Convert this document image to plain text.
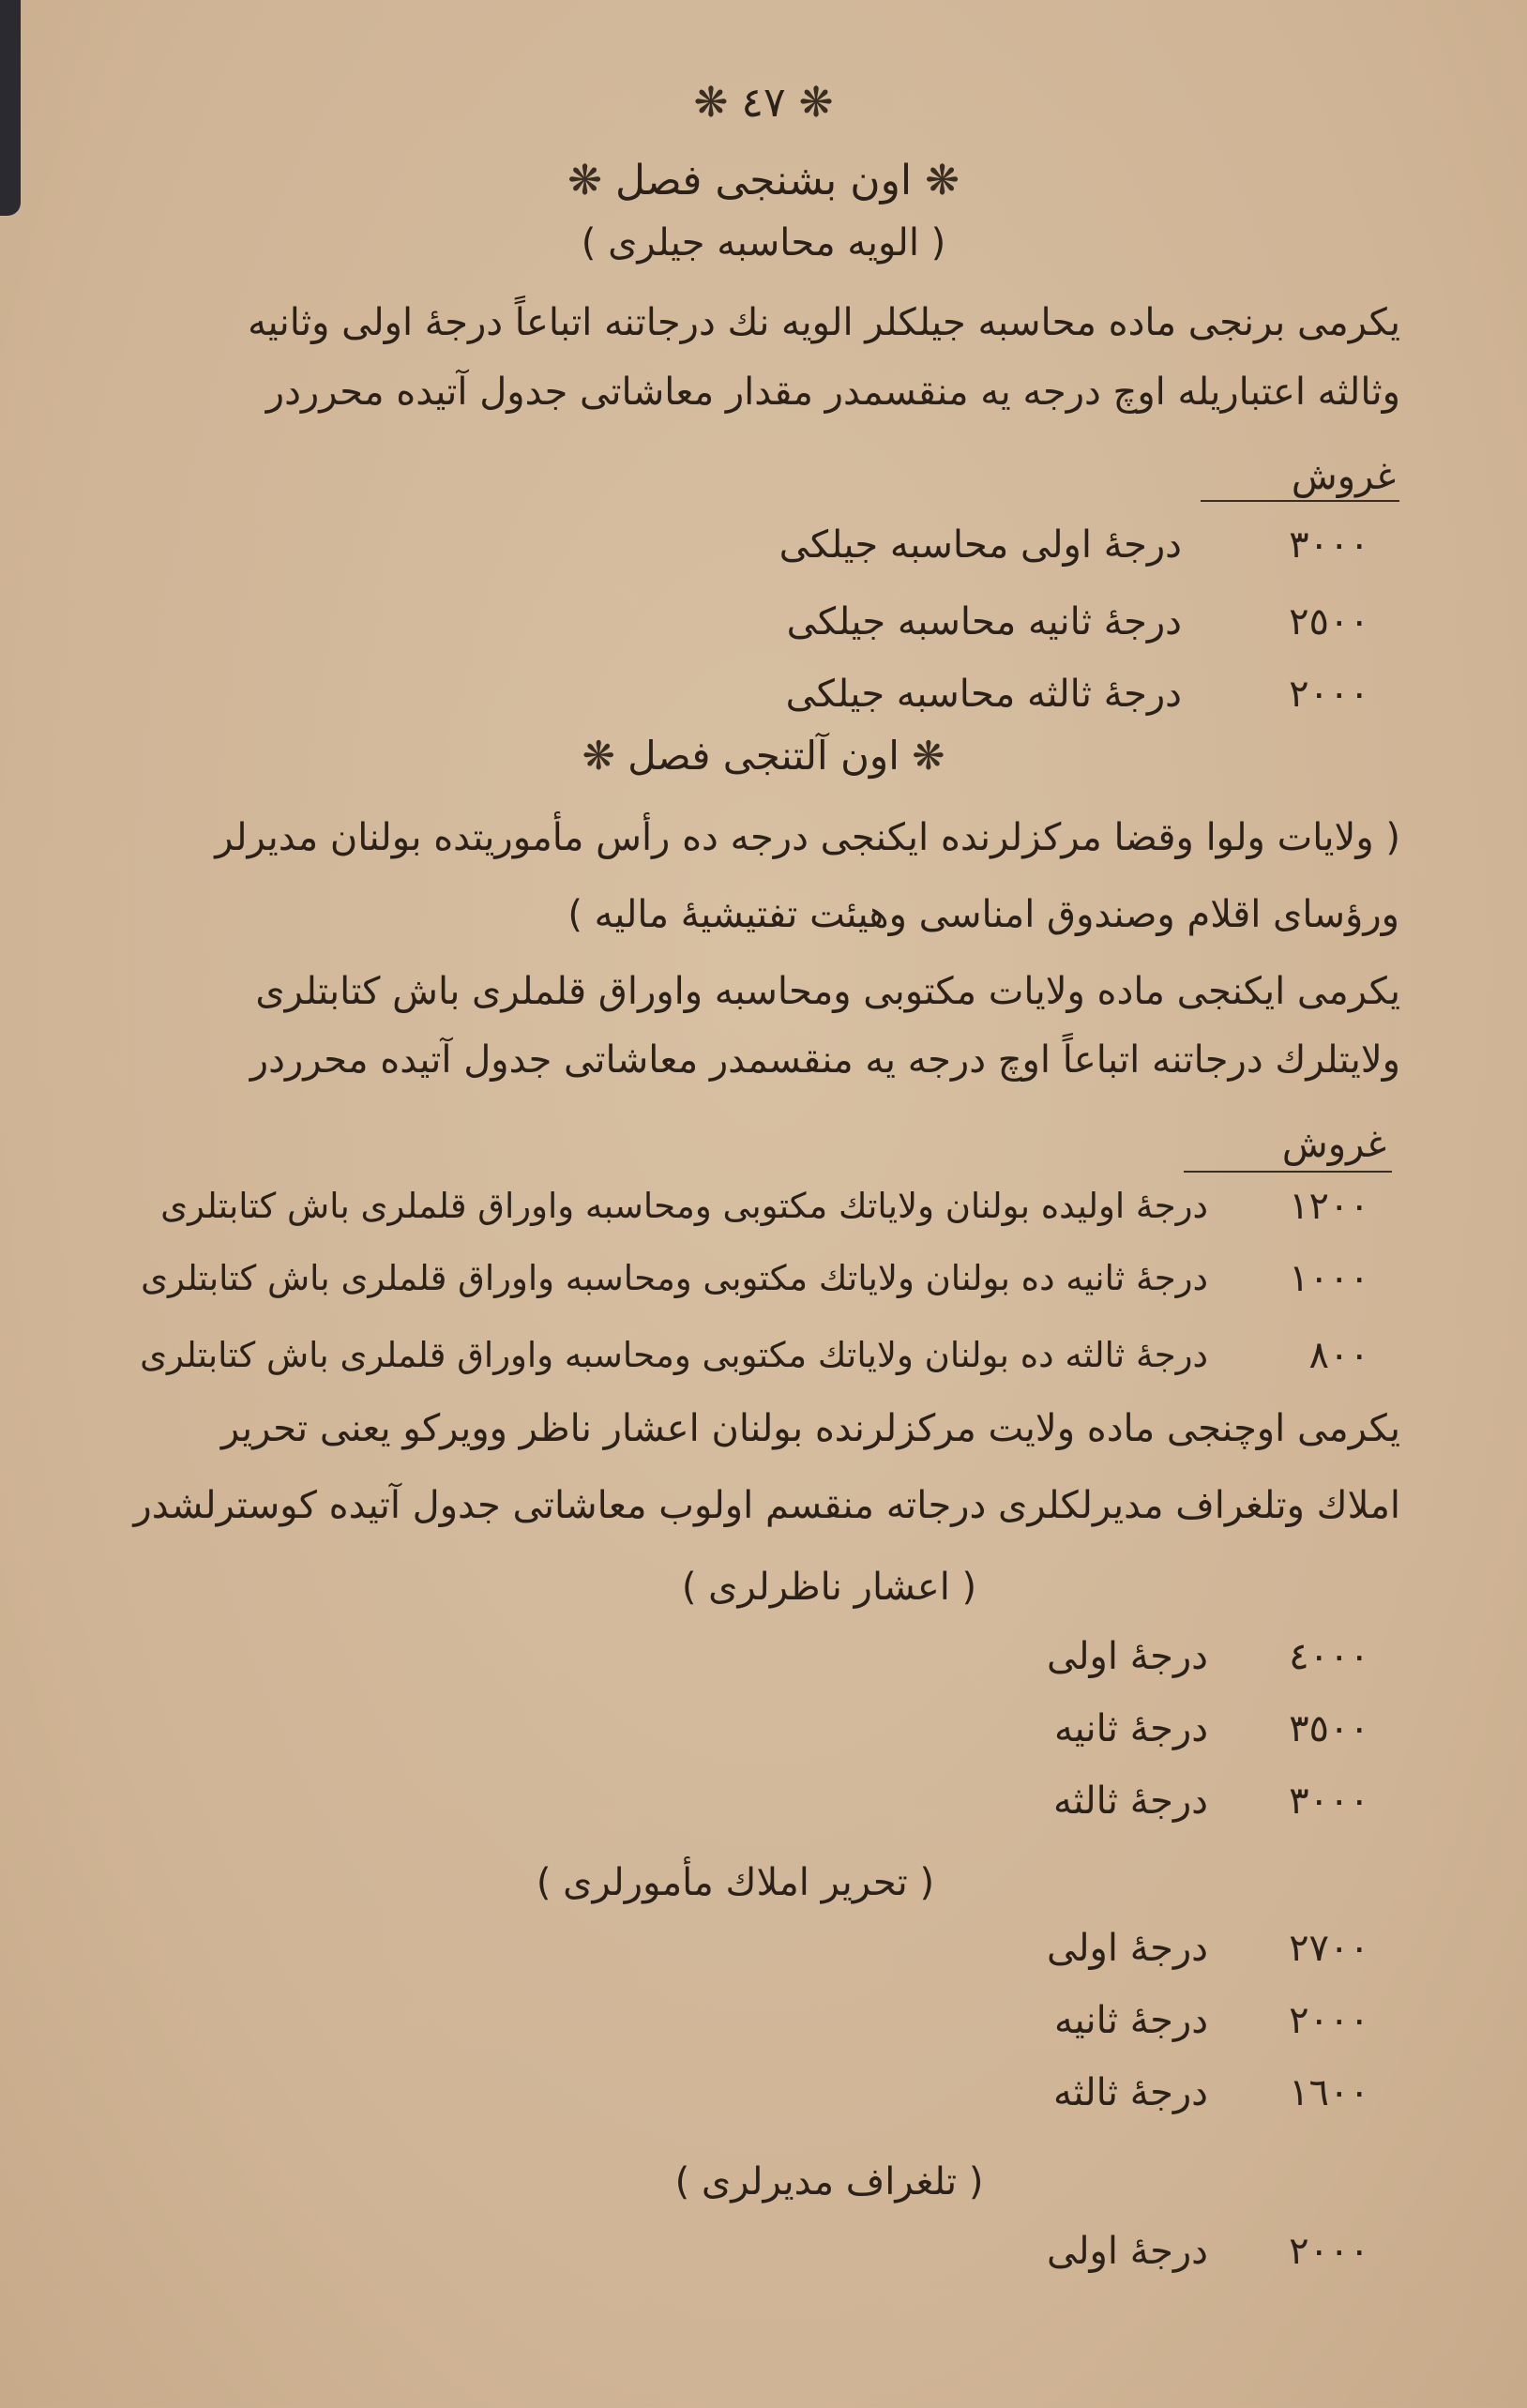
❋ ٤٧ ❋
❋ اون بشنجی فصل ❋
( الویه محاسبه جیلری )
یکرمی برنجی ماده محاسبه جیلکلر الویه نك درجاتنه اتباعاً درجۀ اولی وثانیه
وثالثه اعتباریله اوچ درجه یه منقسمدر مقدار معاشاتی جدول آتیده محرردر
غروش
٣٠٠٠
درجۀ اولی محاسبه جیلکی
٢٥٠٠
درجۀ ثانیه محاسبه جیلکی
٢٠٠٠
درجۀ ثالثه محاسبه جیلکی
❋ اون آلتنجی فصل ❋
( ولایات ولوا وقضا مرکزلرنده ایکنجی درجه ده رأس مأموریتده بولنان مدیرلر
ورؤسای اقلام وصندوق امناسی وهیئت تفتیشیۀ مالیه )
یکرمی ایکنجی ماده ولایات مکتوبی ومحاسبه واوراق قلملری باش کتابتلری
ولایتلرك درجاتنه اتباعاً اوچ درجه یه منقسمدر معاشاتی جدول آتیده محرردر
غروش
١٢٠٠
درجۀ اولیده بولنان ولایاتك مکتوبی ومحاسبه واوراق قلملری باش کتابتلری
١٠٠٠
درجۀ ثانیه ده بولنان ولایاتك مکتوبی ومحاسبه واوراق قلملری باش کتابتلری
٨٠٠
درجۀ ثالثه ده بولنان ولایاتك مکتوبی ومحاسبه واوراق قلملری باش کتابتلری
یکرمی اوچنجی ماده ولایت مرکزلرنده بولنان اعشار ناظر وویرکو یعنی تحریر
املاك وتلغراف مدیرلکلری درجاته منقسم اولوب معاشاتی جدول آتیده کوسترلشدر
( اعشار ناظرلری )
٤٠٠٠
درجۀ اولی
٣٥٠٠
درجۀ ثانیه
٣٠٠٠
درجۀ ثالثه
( تحریر املاك مأمورلری )
٢٧٠٠
درجۀ اولی
٢٠٠٠
درجۀ ثانیه
١٦٠٠
درجۀ ثالثه
( تلغراف مدیرلری )
٢٠٠٠
درجۀ اولی
